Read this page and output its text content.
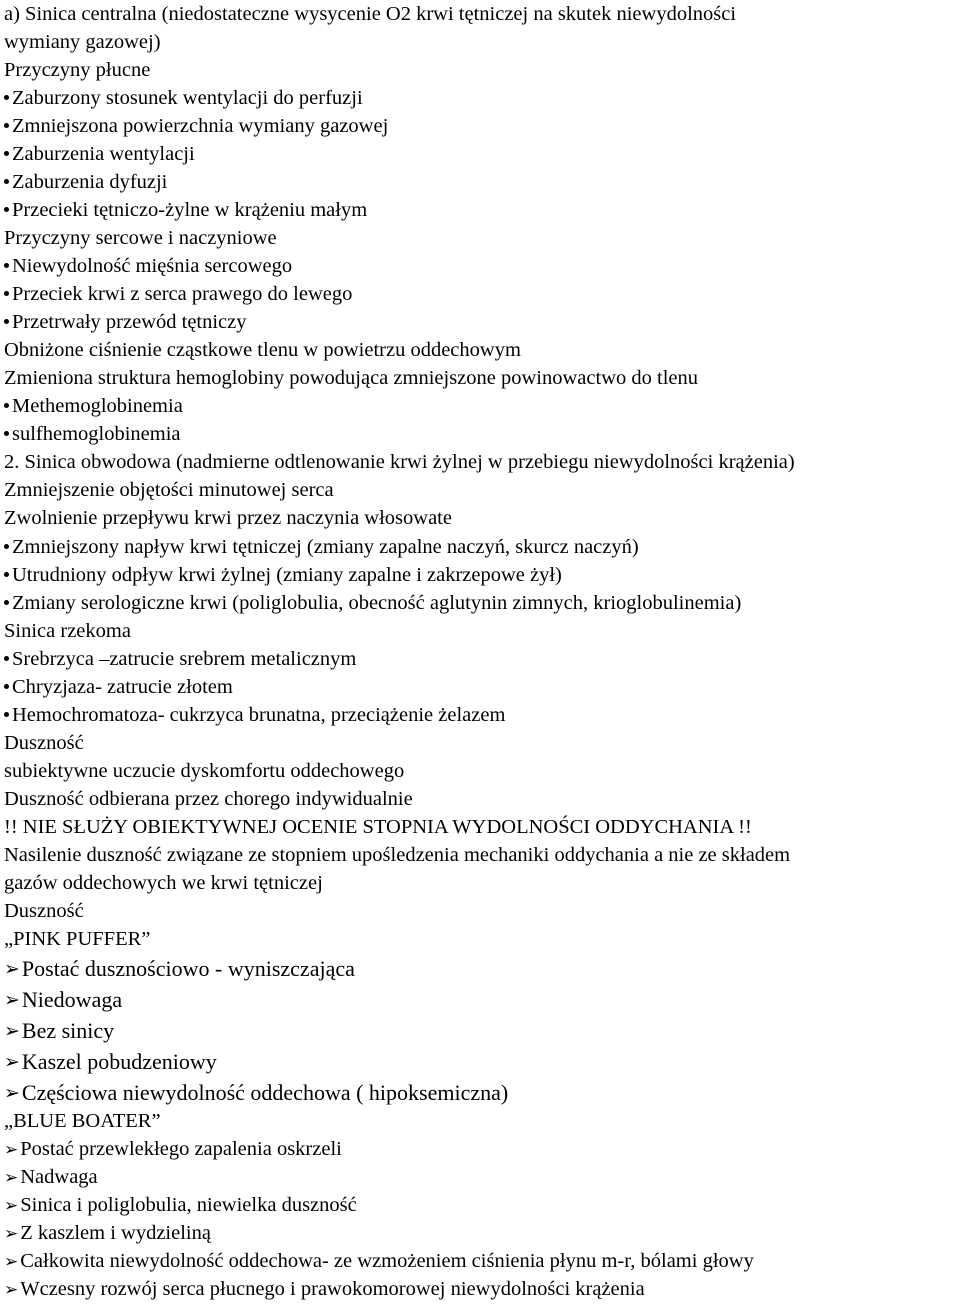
a) Sinica centralna (niedostateczne wysycenie O2 krwi tętniczej na skutek niewydolności
wymiany gazowej)
Przyczyny płucne
Zaburzony stosunek wentylacji do perfuzji
Zmniejszona powierzchnia wymiany gazowej
Zaburzenia wentylacji
Zaburzenia dyfuzji
Przecieki tętniczo-żylne w krążeniu małym
Przyczyny sercowe i naczyniowe
Niewydolność mięśnia sercowego
Przeciek krwi z serca prawego do lewego
Przetrwały przewód tętniczy
Obniżone ciśnienie cząstkowe tlenu w powietrzu oddechowym
Zmieniona struktura hemoglobiny powodująca zmniejszone powinowactwo do tlenu
Methemoglobinemia
sulfhemoglobinemia
2. Sinica obwodowa (nadmierne odtlenowanie krwi żylnej w przebiegu niewydolności krążenia)
Zmniejszenie objętości minutowej serca
Zwolnienie przepływu krwi przez naczynia włosowate
Zmniejszony napływ krwi tętniczej (zmiany zapalne naczyń, skurcz naczyń)
Utrudniony odpływ krwi żylnej (zmiany zapalne i zakrzepowe żył)
Zmiany serologiczne krwi (poliglobulia, obecność aglutynin zimnych, krioglobulinemia)
Sinica rzekoma
Srebrzyca –zatrucie srebrem metalicznym
Chryzjaza- zatrucie złotem
Hemochromatoza- cukrzyca brunatna, przeciążenie żelazem
Duszność
subiektywne uczucie dyskomfortu oddechowego
Duszność odbierana przez chorego indywidualnie
!! NIE SŁUŻY OBIEKTYWNEJ OCENIE STOPNIA WYDOLNOŚCI ODDYCHANIA !!
Nasilenie duszność związane ze stopniem upośledzenia mechaniki oddychania a nie ze składem
gazów oddechowych we krwi tętniczej
Duszność
„PINK PUFFER”
➢ Postać dusznościowo - wyniszczająca
➢ Niedowaga
➢ Bez sinicy
➢ Kaszel pobudzeniowy
➢ Częściowa niewydolność oddechowa ( hipoksemiczna)
„BLUE BOATER”
➢ Postać przewlekłego zapalenia oskrzeli
➢ Nadwaga
➢ Sinica i poliglobulia, niewielka duszność
➢ Z kaszlem i wydzieliną
➢ Całkowita niewydolność oddechowa- ze wzmożeniem ciśnienia płynu m-r, bólami głowy
➢ Wczesny rozwój serca płucnego i prawokomorowej niewydolności krążenia
